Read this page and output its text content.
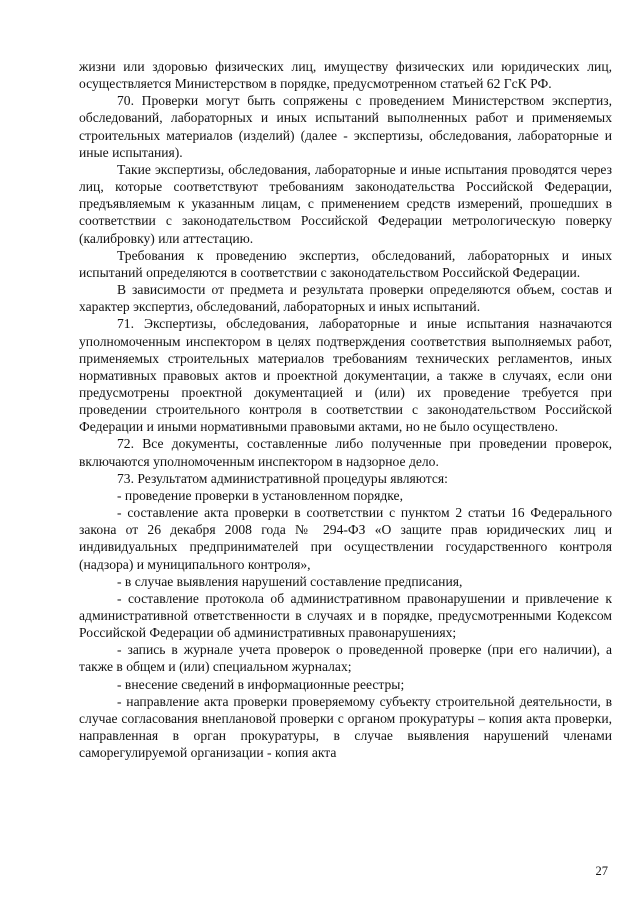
жизни или здоровью физических лиц, имуществу физических или юридических лиц, осуществляется Министерством в порядке, предусмотренном статьей 62 ГсК РФ.

70. Проверки могут быть сопряжены с проведением Министерством экспертиз, обследований, лабораторных и иных испытаний выполненных работ и применяемых строительных материалов (изделий) (далее - экспертизы, обследования, лабораторные и иные испытания).

Такие экспертизы, обследования, лабораторные и иные испытания проводятся через лиц, которые соответствуют требованиям законодательства Российской Федерации, предъявляемым к указанным лицам, с применением средств измерений, прошедших в соответствии с законодательством Российской Федерации метрологическую поверку (калибровку) или аттестацию.

Требования к проведению экспертиз, обследований, лабораторных и иных испытаний определяются в соответствии с законодательством Российской Федерации.

В зависимости от предмета и результата проверки определяются объем, состав и характер экспертиз, обследований, лабораторных и иных испытаний.

71. Экспертизы, обследования, лабораторные и иные испытания назначаются уполномоченным инспектором в целях подтверждения соответствия выполняемых работ, применяемых строительных материалов требованиям технических регламентов, иных нормативных правовых актов и проектной документации, а также в случаях, если они предусмотрены проектной документацией и (или) их проведение требуется при проведении строительного контроля в соответствии с законодательством Российской Федерации и иными нормативными правовыми актами, но не было осуществлено.

72. Все документы, составленные либо полученные при проведении проверок, включаются уполномоченным инспектором в надзорное дело.

73. Результатом административной процедуры являются:

- проведение проверки в установленном порядке,

- составление акта проверки в соответствии с пунктом 2 статьи 16 Федерального закона от 26 декабря 2008 года № 294-ФЗ «О защите прав юридических лиц и индивидуальных предпринимателей при осуществлении государственного контроля (надзора) и муниципального контроля»,

- в случае выявления нарушений составление предписания,

- составление протокола об административном правонарушении и привлечение к административной ответственности в случаях и в порядке, предусмотренными Кодексом Российской Федерации об административных правонарушениях;

- запись в журнале учета проверок о проведенной проверке (при его наличии), а также в общем и (или) специальном журналах;

- внесение сведений в информационные реестры;

- направление акта проверки проверяемому субъекту строительной деятельности, в случае согласования внеплановой проверки с органом прокуратуры – копия акта проверки, направленная в орган прокуратуры, в случае выявления нарушений членами саморегулируемой организации - копия акта

27
